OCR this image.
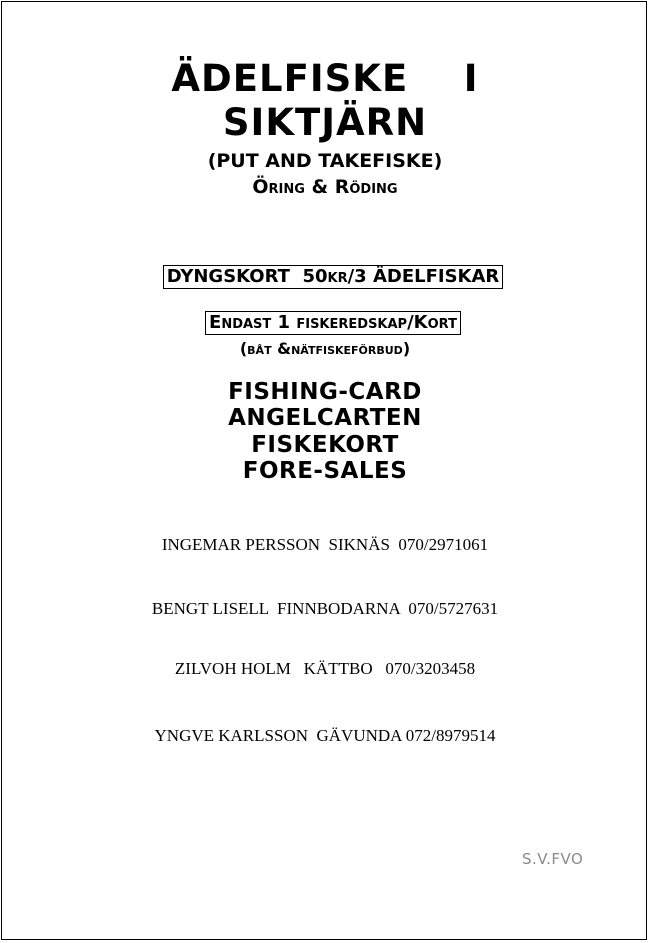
ÄDELFISKE    I
SIKTJÄRN
(PUT AND TAKEFISKE)
Öring & Röding

DYNGSKORT  50kr/3 ÄDELFISKAR

Endast 1 fiskeredskap/Kort

(båt &nätfiskeförbud)
FISHING-CARD
ANGELCARTEN
FISKEKORT
FORE-SALES
INGEMAR PERSSON  SIKNÄS  070/2971061
BENGT LISELL  FINNBODARNA  070/5727631
ZILVOH HOLM   KÄTTBO   070/3203458
YNGVE KARLSSON  GÄVUNDA 072/8979514
S.V.FVO
